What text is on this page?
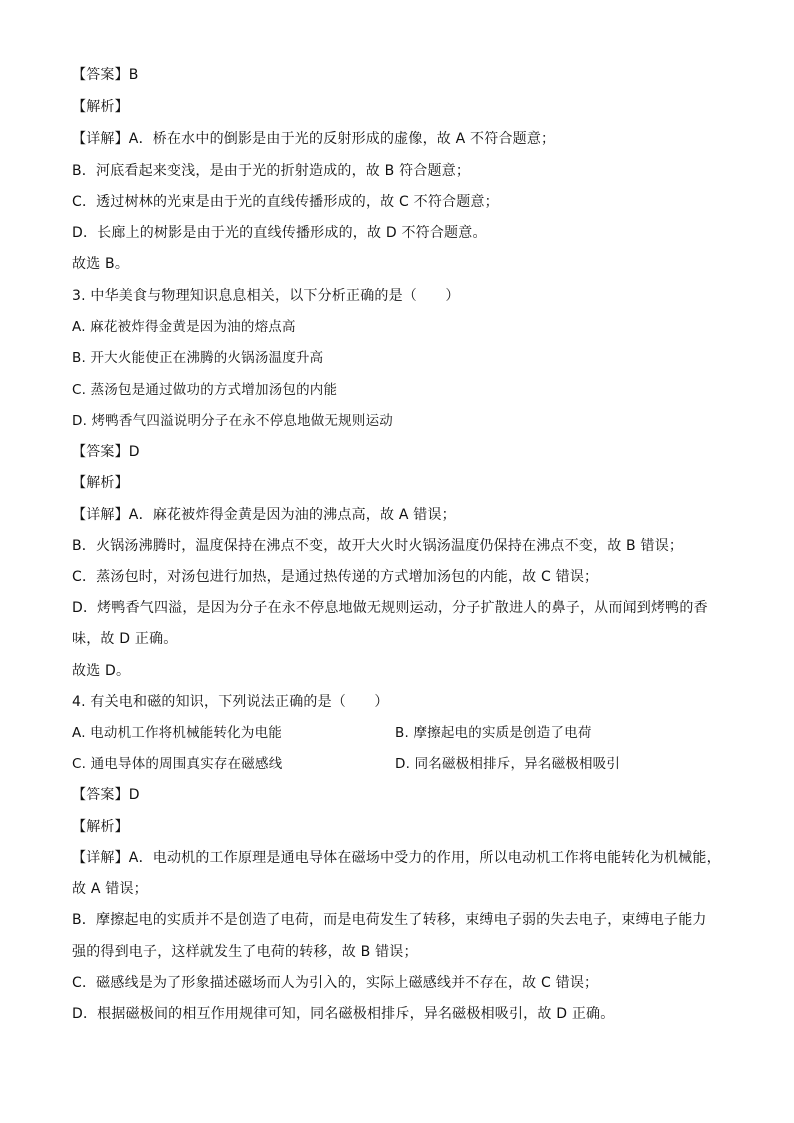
【答案】B
【解析】
【详解】A．桥在水中的倒影是由于光的反射形成的虚像，故 A 不符合题意；
B．河底看起来变浅，是由于光的折射造成的，故 B 符合题意；
C．透过树林的光束是由于光的直线传播形成的，故 C 不符合题意；
D．长廊上的树影是由于光的直线传播形成的，故 D 不符合题意。
故选 B。
3. 中华美食与物理知识息息相关，以下分析正确的是（　　）
A. 麻花被炸得金黄是因为油的熔点高
B. 开大火能使正在沸腾的火锅汤温度升高
C. 蒸汤包是通过做功的方式增加汤包的内能
D. 烤鸭香气四溢说明分子在永不停息地做无规则运动
【答案】D
【解析】
【详解】A．麻花被炸得金黄是因为油的沸点高，故 A 错误；
B．火锅汤沸腾时，温度保持在沸点不变，故开大火时火锅汤温度仍保持在沸点不变，故 B 错误；
C．蒸汤包时，对汤包进行加热，是通过热传递的方式增加汤包的内能，故 C 错误；
D．烤鸭香气四溢，是因为分子在永不停息地做无规则运动，分子扩散进人的鼻子，从而闻到烤鸭的香
味，故 D 正确。
故选 D。
4. 有关电和磁的知识，下列说法正确的是（　　）
A. 电动机工作将机械能转化为电能	B. 摩擦起电的实质是创造了电荷
C. 通电导体的周围真实存在磁感线	D. 同名磁极相排斥，异名磁极相吸引
【答案】D
【解析】
【详解】A．电动机的工作原理是通电导体在磁场中受力的作用，所以电动机工作将电能转化为机械能，
故 A 错误；
B．摩擦起电的实质并不是创造了电荷，而是电荷发生了转移，束缚电子弱的失去电子，束缚电子能力
强的得到电子，这样就发生了电荷的转移，故 B 错误；
C．磁感线是为了形象描述磁场而人为引入的，实际上磁感线并不存在，故 C 错误；
D．根据磁极间的相互作用规律可知，同名磁极相排斥，异名磁极相吸引，故 D 正确。
